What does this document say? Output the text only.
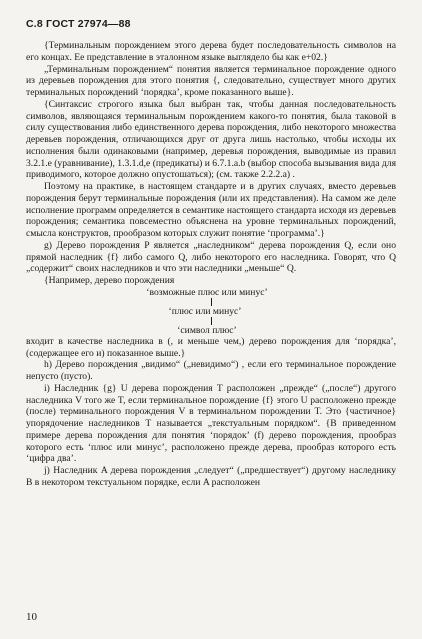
С.8 ГОСТ 27974—88

{Терминальным порождением этого дерева будет последовательность символов на его концах. Ее представление в эталонном языке выглядело бы как e+02.}

„Терминальным порождением“ понятия является терминальное порождение одного из деревьев порождения для этого понятия {, следовательно, существует много других терминальных порождений ‘порядка’, кроме показанного выше}.

{Синтаксис строгого языка был выбран так, чтобы данная последовательность символов, являющаяся терминальным порождением какого-то понятия, была таковой в силу существования либо единственного дерева порождения, либо некоторого множества деревьев порождения, отличающихся друг от друга лишь настолько, чтобы исходы их исполнения были одинаковыми (например, деревья порождения, выводимые из правил 3.2.1.e (уравнивание), 1.3.1.d,e (предикаты) и 6.7.1.a.b (выбор способа вызывания вида для приводимого, которое должно опустошаться); (см. также 2.2.2.а) .

Поэтому на практике, в настоящем стандарте и в других случаях, вместо деревьев порождения берут терминальные порождения (или их представления). На самом же деле исполнение программ определяется в семантике настоящего стандарта исходя из деревьев порождения; семантика повсеместно объяснена на уровне терминальных порождений, смысла конструктов, прообразом которых служит понятие ‘программа’.}

g) Дерево порождения P является „наследником“ дерева порождения Q, если оно прямой наследник {f} либо самого Q, либо некоторого его наследника. Говорят, что Q „содержит“ своих наследников и что эти наследники „меньше“ Q.

{Например, дерево порождения

‘возможные плюс или минус’
‘плюс или минус’
‘символ плюс’

входит в качестве наследника в (, и меньше чем,) дерево порождения для ‘порядка’, (содержащее его и) показанное выше.}

h) Дерево порождения „видимо“ („невидимо“) , если его терминальное порождение непусто (пусто).

i) Наследник {g} U дерева порождения T расположен „прежде“ („после“) другого наследника V того же T, если терминальное порождение {f} этого U расположено прежде (после) терминального порождения V в терминальном порождении T. Это {частичное} упорядочение наследников T называется „текстуальным порядком“. {В приведенном примере дерева порождения для понятия ‘порядок’ (f) дерево порождения, прообраз которого есть ‘плюс или минус’, расположено прежде дерева, прообраз которого есть ‘цифра два’.

j) Наследник A дерева порождения „следует“ („предшествует“) другому наследнику B в некотором текстуальном порядке, если A расположен

10
